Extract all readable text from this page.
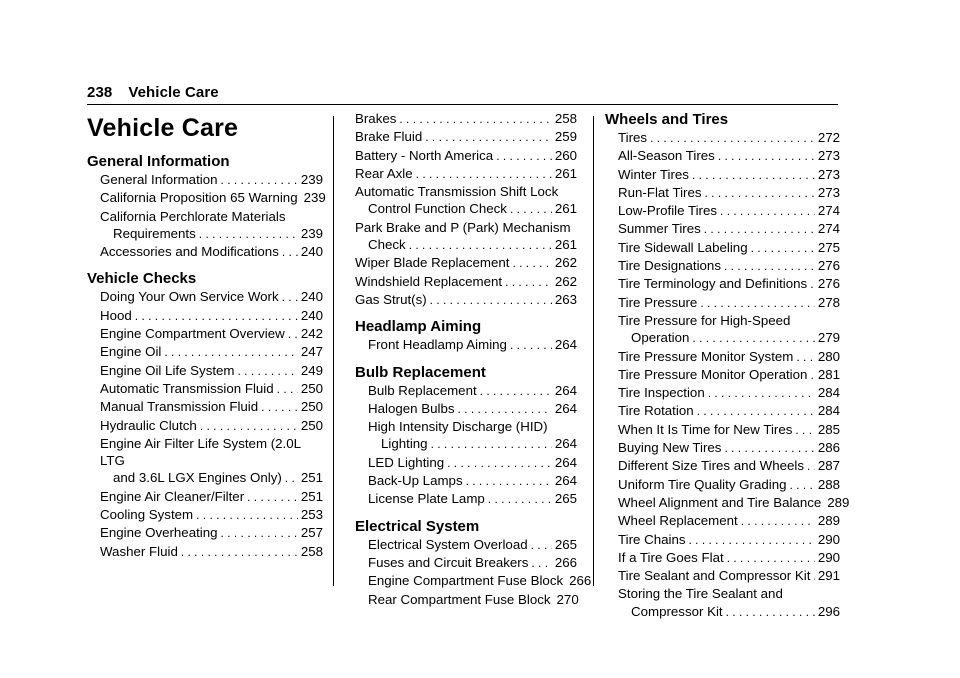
238 Vehicle Care
Vehicle Care
General Information
General Information . . .	239
California Proposition 65 Warning 239
California Perchlorate Materials
Requirements . . .	239
Accessories and Modifications . . . 240
Vehicle Checks
Doing Your Own Service Work . . . 240
Hood . . .	240
Engine Compartment Overview . . . 242
Engine Oil . . .	247
Engine Oil Life System . . .	249
Automatic Transmission Fluid . . . 250
Manual Transmission Fluid . . .	250
Hydraulic Clutch . . .	250
Engine Air Filter Life System (2.0L LTG
and 3.6L LGX Engines Only) . . . 251
Engine Air Cleaner/Filter . . .	251
Cooling System . . .	253
Engine Overheating . . .	257
Washer Fluid . . .	258
Brakes . . .	258
Brake Fluid . . .	259
Battery - North America . . .	260
Rear Axle . . .	261
Automatic Transmission Shift Lock
Control Function Check . . .	261
Park Brake and P (Park) Mechanism
Check . . .	261
Wiper Blade Replacement . . .	262
Windshield Replacement . . .	262
Gas Strut(s) . . .	263
Headlamp Aiming
Front Headlamp Aiming . . .	264
Bulb Replacement
Bulb Replacement . . .	264
Halogen Bulbs . . .	264
High Intensity Discharge (HID)
Lighting . . .	264
LED Lighting . . .	264
Back-Up Lamps . . .	264
License Plate Lamp . . .	265
Electrical System
Electrical System Overload . . . 265
Fuses and Circuit Breakers . . . 266
Engine Compartment Fuse Block 266
Rear Compartment Fuse Block 270
Wheels and Tires
Tires . . .	272
All-Season Tires . . .	273
Winter Tires . . .	273
Run-Flat Tires . . .	273
Low-Profile Tires . . .	274
Summer Tires . . .	274
Tire Sidewall Labeling . . .	275
Tire Designations . . .	276
Tire Terminology and Definitions . . . 276
Tire Pressure . . .	278
Tire Pressure for High-Speed
Operation . . .	279
Tire Pressure Monitor System . . . 280
Tire Pressure Monitor Operation . . . 281
Tire Inspection . . .	284
Tire Rotation . . .	284
When It Is Time for New Tires . . . 285
Buying New Tires . . .	286
Different Size Tires and Wheels . . . 287
Uniform Tire Quality Grading . . . 288
Wheel Alignment and Tire Balance 289
Wheel Replacement . . .	289
Tire Chains . . .	290
If a Tire Goes Flat . . .	290
Tire Sealant and Compressor Kit . . . 291
Storing the Tire Sealant and
Compressor Kit . . .	296
